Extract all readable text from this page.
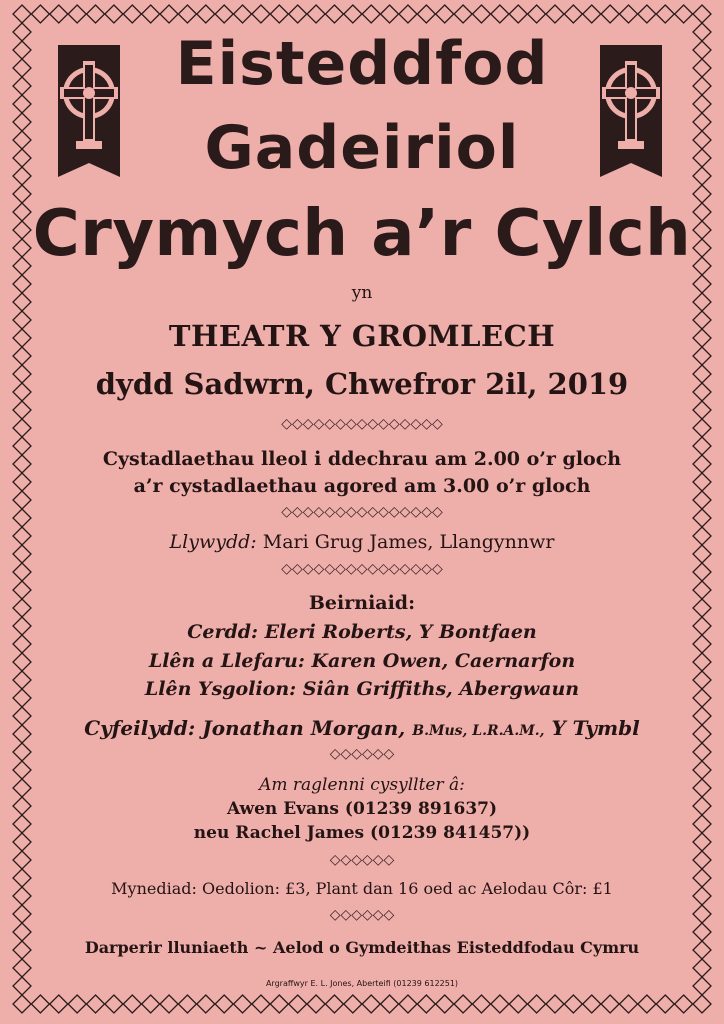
Eisteddfod

Gadeiriol

Crymych a’r Cylch

yn

THEATR Y GROMLECH

dydd Sadwrn, Chwefror 2il, 2019

◇◇◇◇◇◇◇◇◇◇◇◇◇◇◇

Cystadlaethau lleol i ddechrau am 2.00 o’r gloch

a’r cystadlaethau agored am 3.00 o’r gloch

◇◇◇◇◇◇◇◇◇◇◇◇◇◇◇

Llywydd: Mari Grug James, Llangynnwr

◇◇◇◇◇◇◇◇◇◇◇◇◇◇◇

Beirniaid:

Cerdd: Eleri Roberts, Y Bontfaen

Llên a Llefaru: Karen Owen, Caernarfon

Llên Ysgolion: Siân Griffiths, Abergwaun

Cyfeilydd: Jonathan Morgan, B.Mus, L.R.A.M., Y Tymbl

◇◇◇◇◇◇

Am raglenni cysyllter â:

Awen Evans (01239 891637)

neu Rachel James (01239 841457))

◇◇◇◇◇◇

Mynediad: Oedolion: £3, Plant dan 16 oed ac Aelodau Côr: £1

◇◇◇◇◇◇

Darperir lluniaeth ~ Aelod o Gymdeithas Eisteddfodau Cymru

Argraffwyr E. L. Jones, Aberteifi (01239 612251)
